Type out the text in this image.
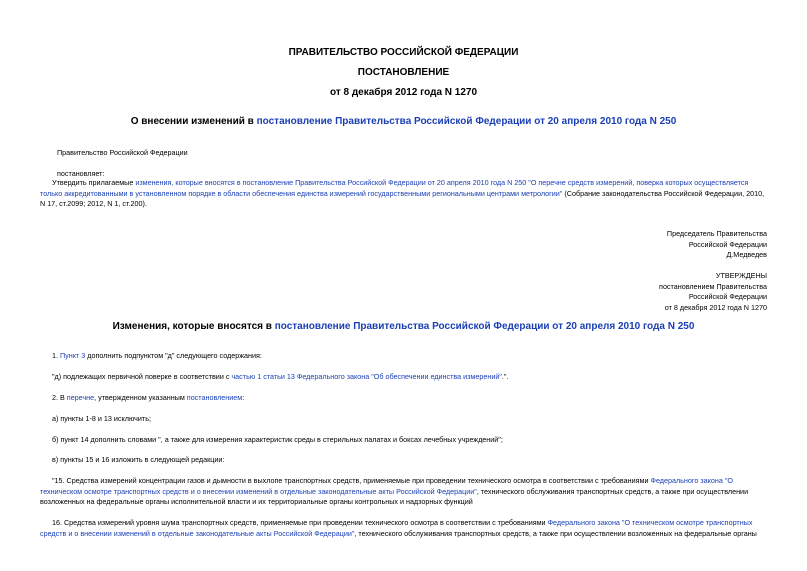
ПРАВИТЕЛЬСТВО РОССИЙСКОЙ ФЕДЕРАЦИИ
ПОСТАНОВЛЕНИЕ
от 8 декабря 2012 года N 1270
О внесении изменений в постановление Правительства Российской Федерации от 20 апреля 2010 года N 250
Правительство Российской Федерации
постановляет:
Утвердить прилагаемые изменения, которые вносятся в постановление Правительства Российской Федерации от 20 апреля 2010 года N 250 "О перечне средств измерений, поверка которых осуществляется только аккредитованными в установленном порядке в области обеспечения единства измерений государственными региональными центрами метрологии" (Собрание законодательства Российской Федерации, 2010, N 17, ст.2099; 2012, N 1, ст.200).
Председатель Правительства
Российской Федерации
Д.Медведев
УТВЕРЖДЕНЫ
постановлением Правительства
Российской Федерации
от 8 декабря 2012 года N 1270
Изменения, которые вносятся в постановление Правительства Российской Федерации от 20 апреля 2010 года N 250
1. Пункт 3 дополнить подпунктом "д" следующего содержания:
"д) подлежащих первичной поверке в соответствии с частью 1 статьи 13 Федерального закона "Об обеспечении единства измерений".".
2. В перечне, утвержденном указанным постановлением:
а) пункты 1-8 и 13 исключить;
б) пункт 14 дополнить словами ", а также для измерения характеристик среды в стерильных палатах и боксах лечебных учреждений";
в) пункты 15 и 16 изложить в следующей редакции:
"15. Средства измерений концентрации газов и дымности в выхлопе транспортных средств, применяемые при проведении технического осмотра в соответствии с требованиями Федерального закона "О техническом осмотре транспортных средств и о внесении изменений в отдельные законодательные акты Российской Федерации", технического обслуживания транспортных средств, а также при осуществлении возложенных на федеральные органы исполнительной власти и их территориальные органы контрольных и надзорных функций
16. Средства измерений уровня шума транспортных средств, применяемые при проведении технического осмотра в соответствии с требованиями Федерального закона "О техническом осмотре транспортных средств и о внесении изменений в отдельные законодательные акты Российской Федерации", технического обслуживания транспортных средств, а также при осуществлении возложенных на федеральные органы
